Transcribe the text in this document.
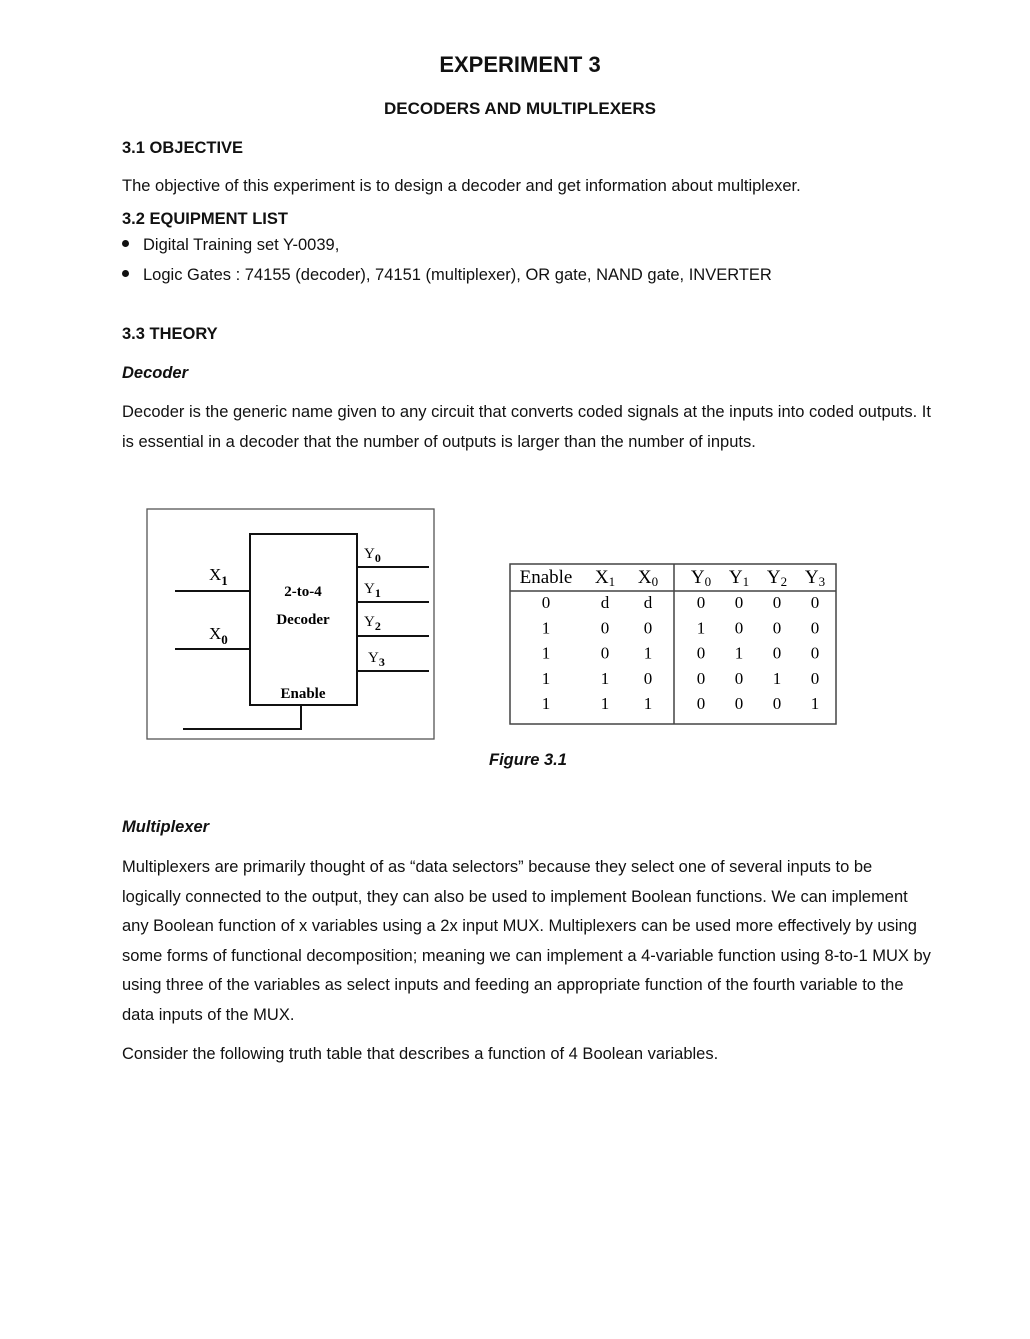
EXPERIMENT 3
DECODERS AND MULTIPLEXERS
3.1 OBJECTIVE
The objective of this experiment is to design a decoder and get information about multiplexer.
3.2 EQUIPMENT LIST
Digital Training set Y-0039,
Logic Gates : 74155 (decoder), 74151 (multiplexer), OR gate, NAND gate, INVERTER
3.3 THEORY
Decoder
Decoder is the generic name given to any circuit that converts coded signals at the inputs into coded outputs. It is essential in a decoder that the number of outputs is larger than the number of inputs.
2-to-4
Decoder
Enable
$X_1$
$X_0$
$Y_0$
$Y_1$
$Y_2$
$Y_3$
Enable X1 X0 Y0 Y1 Y2 Y3
0	d d	0 0 0 0
1	0 0	1 0 0 0
1	0 1	0 1 0 0
1	1 0	0 0 1 0
1	1 1	0 0 0 1
Figure 3.1
Multiplexer
Multiplexers are primarily thought of as “data selectors” because they select one of several inputs to be logically connected to the output, they can also be used to implement Boolean functions. We can implement any Boolean function of x variables using a 2x input MUX. Multiplexers can be used more effectively by using some forms of functional decomposition; meaning we can implement a 4-variable function using 8-to-1 MUX by using three of the variables as select inputs and feeding an appropriate function of the fourth variable to the data inputs of the MUX.
Consider the following truth table that describes a function of 4 Boolean variables.
